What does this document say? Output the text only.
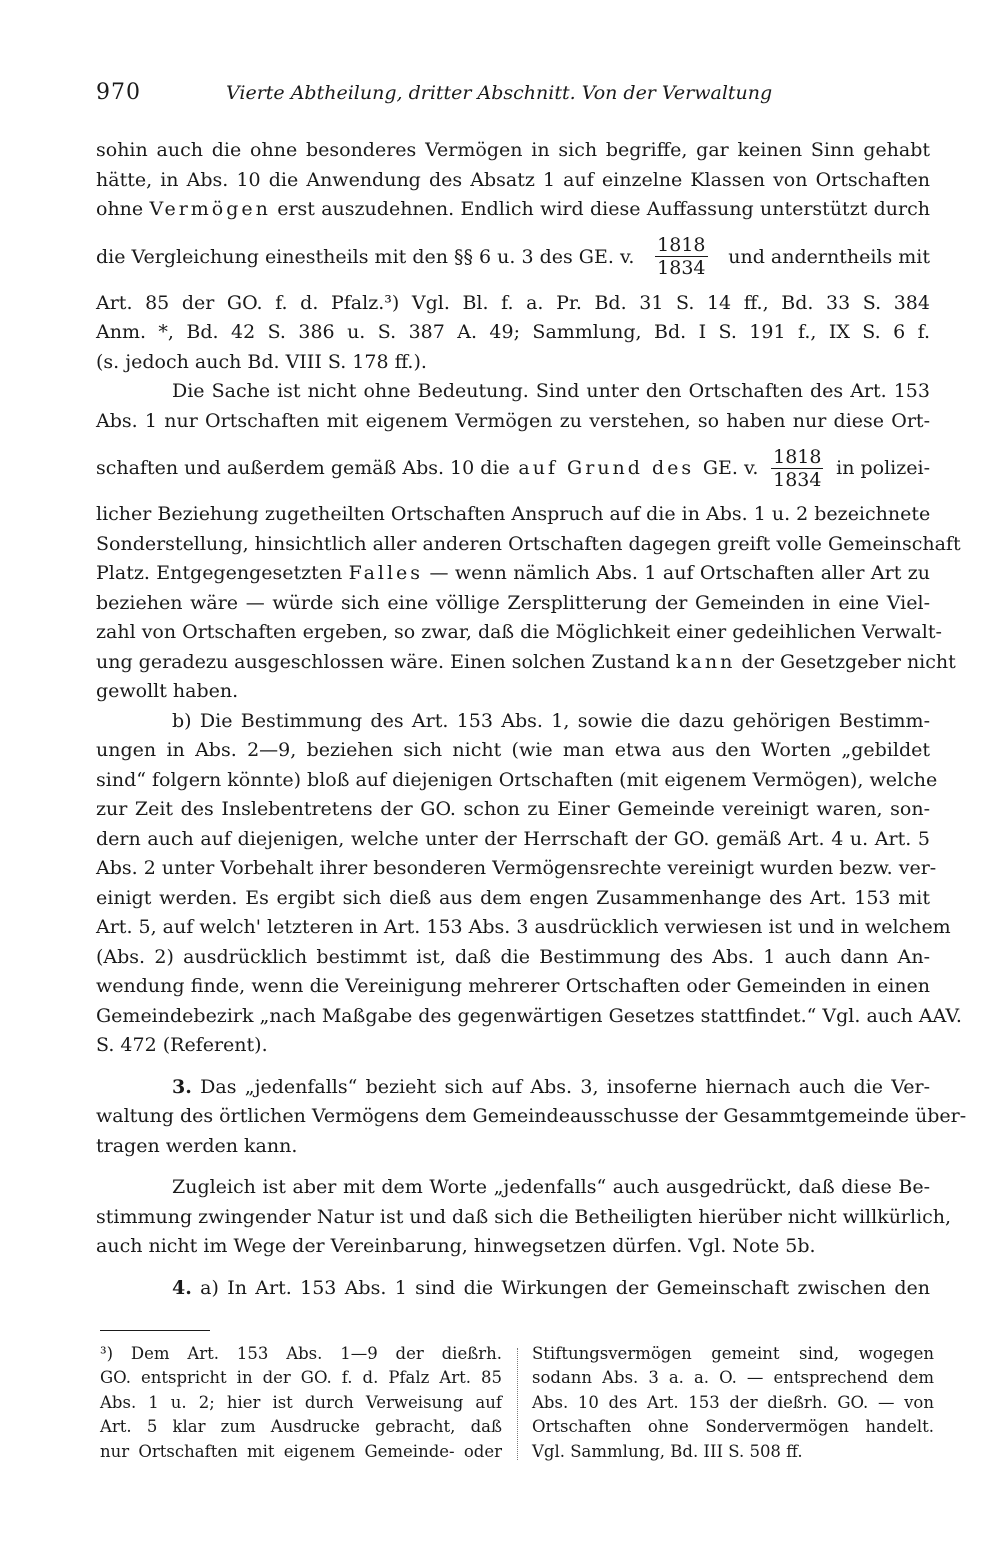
970	Vierte Abtheilung, dritter Abschnitt. Von der Verwaltung
sohin auch die ohne besonderes Vermögen in sich begriffe, gar keinen Sinn gehabt
hätte, in Abs. 10 die Anwendung des Absatz 1 auf einzelne Klassen von Ortschaften
ohne Vermögen erst auszudehnen. Endlich wird diese Auffassung unterstützt durch
die Vergleichung einestheils mit den §§ 6 u. 3 des GE. v. $\frac{1818}{1834}$ und anderntheils mit
Art. 85 der GO. f. d. Pfalz.³) Vgl. Bl. f. a. Pr. Bd. 31 S. 14 ff., Bd. 33 S. 384
Anm. *, Bd. 42 S. 386 u. S. 387 A. 49; Sammlung, Bd. I S. 191 f., IX S. 6 f.
(s. jedoch auch Bd. VIII S. 178 ff.).
Die Sache ist nicht ohne Bedeutung. Sind unter den Ortschaften des Art. 153
Abs. 1 nur Ortschaften mit eigenem Vermögen zu verstehen, so haben nur diese Ort-
schaften und außerdem gemäß Abs. 10 die auf Grund des GE. v. $\frac{1818}{1834}$ in polizei-
licher Beziehung zugetheilten Ortschaften Anspruch auf die in Abs. 1 u. 2 bezeichnete
Sonderstellung, hinsichtlich aller anderen Ortschaften dagegen greift volle Gemeinschaft
Platz. Entgegengesetzten Falles — wenn nämlich Abs. 1 auf Ortschaften aller Art zu
beziehen wäre — würde sich eine völlige Zersplitterung der Gemeinden in eine Viel-
zahl von Ortschaften ergeben, so zwar, daß die Möglichkeit einer gedeihlichen Verwalt-
ung geradezu ausgeschlossen wäre. Einen solchen Zustand kann der Gesetzgeber nicht
gewollt haben.
b) Die Bestimmung des Art. 153 Abs. 1, sowie die dazu gehörigen Bestimm-
ungen in Abs. 2—9, beziehen sich nicht (wie man etwa aus den Worten „gebildet
sind“ folgern könnte) bloß auf diejenigen Ortschaften (mit eigenem Vermögen), welche
zur Zeit des Inslebentretens der GO. schon zu Einer Gemeinde vereinigt waren, son-
dern auch auf diejenigen, welche unter der Herrschaft der GO. gemäß Art. 4 u. Art. 5
Abs. 2 unter Vorbehalt ihrer besonderen Vermögensrechte vereinigt wurden bezw. ver-
einigt werden. Es ergibt sich dieß aus dem engen Zusammenhange des Art. 153 mit
Art. 5, auf welch' letzteren in Art. 153 Abs. 3 ausdrücklich verwiesen ist und in welchem
(Abs. 2) ausdrücklich bestimmt ist, daß die Bestimmung des Abs. 1 auch dann An-
wendung finde, wenn die Vereinigung mehrerer Ortschaften oder Gemeinden in einen
Gemeindebezirk „nach Maßgabe des gegenwärtigen Gesetzes stattfindet.“ Vgl. auch AAV.
S. 472 (Referent).
3. Das „jedenfalls“ bezieht sich auf Abs. 3, insoferne hiernach auch die Ver-
waltung des örtlichen Vermögens dem Gemeindeausschusse der Gesammtgemeinde über-
tragen werden kann.
Zugleich ist aber mit dem Worte „jedenfalls“ auch ausgedrückt, daß diese Be-
stimmung zwingender Natur ist und daß sich die Betheiligten hierüber nicht willkürlich,
auch nicht im Wege der Vereinbarung, hinwegsetzen dürfen. Vgl. Note 5b.
4. a) In Art. 153 Abs. 1 sind die Wirkungen der Gemeinschaft zwischen den
³) Dem Art. 153 Abs. 1—9 der dießrh.
GO. entspricht in der GO. f. d. Pfalz Art. 85
Abs. 1 u. 2; hier ist durch Verweisung auf
Art. 5 klar zum Ausdrucke gebracht, daß
nur Ortschaften mit eigenem Gemeinde- oder
Stiftungsvermögen gemeint sind, wogegen
sodann Abs. 3 a. a. O. — entsprechend dem
Abs. 10 des Art. 153 der dießrh. GO. — von
Ortschaften ohne Sondervermögen handelt.
Vgl. Sammlung, Bd. III S. 508 ff.
